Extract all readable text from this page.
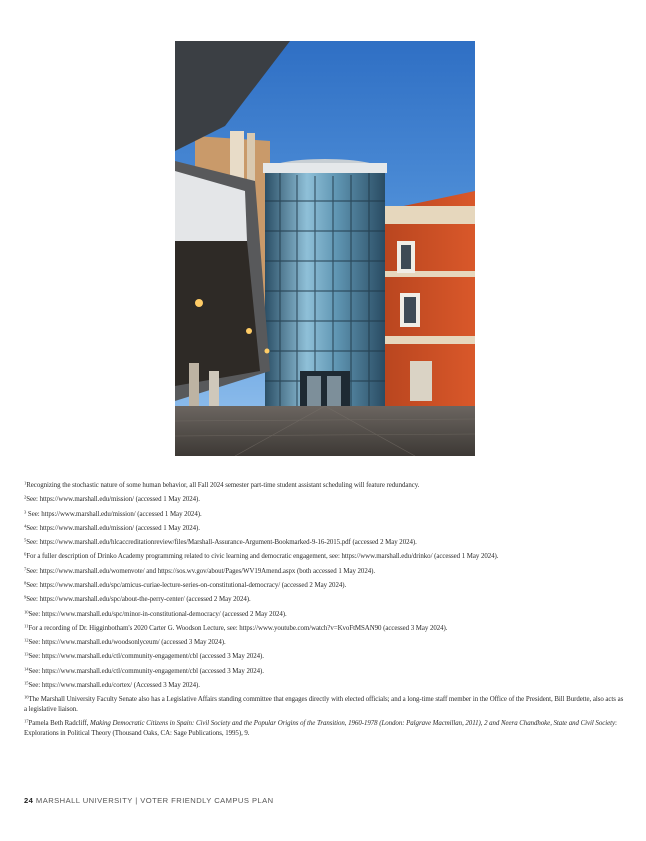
$^1$Recognizing the stochastic nature of some human behavior, all Fall 2024 semester part-time student assistant scheduling will feature redundancy.

$^2$See: https://www.marshall.edu/mission/ (accessed 1 May 2024).

$^3$ See: https://www.marshall.edu/mission/ (accessed 1 May 2024).

$^4$See: https://www.marshall.edu/mission/ (accessed 1 May 2024).

$^5$See: https://www.marshall.edu/hlcaccreditationreview/files/Marshall-Assurance-Argument-Bookmarked-9-16-2015.pdf (accessed 2 May 2024).

$^6$For a fuller description of Drinko Academy programming related to civic learning and democratic engagement, see: https://www.marshall.edu/drinko/ (accessed 1 May 2024).

$^7$See: https://www.marshall.edu/womenvote/ and https://sos.wv.gov/about/Pages/WV19Amend.aspx (both accessed 1 May 2024).

$^8$See: https://www.marshall.edu/spc/amicus-curiae-lecture-series-on-constitutional-democracy/ (accessed 2 May 2024).

$^9$See: https://www.marshall.edu/spc/about-the-perry-center/ (accessed 2 May 2024).

$^{10}$See: https://www.marshall.edu/spc/minor-in-constitutional-democracy/ (accessed 2 May 2024).

$^{11}$For a recording of Dr. Higginbotham's 2020 Carter G. Woodson Lecture, see: https://www.youtube.com/watch?v=KvoFtMSAN90 (accessed 3 May 2024).

$^{12}$See: https://www.marshall.edu/woodsonlyceum/ (accessed 3 May 2024).

$^{13}$See: https://www.marshall.edu/ctl/community-engagement/cbl (accessed 3 May 2024).

$^{14}$See: https://www.marshall.edu/ctl/community-engagement/cbl (accessed 3 May 2024).

$^{15}$See: https://www.marshall.edu/cortex/ (Accessed 3 May 2024).

$^{16}$The Marshall University Faculty Senate also has a Legislative Affairs standing committee that engages directly with elected officials; and a long-time staff member in the Office of the President, Bill Burdette, also acts as a legislative liaison.

$^{17}$Pamela Beth Radcliff, Making Democratic Citizens in Spain: Civil Society and the Popular Origins of the Transition, 1960-1978 (London: Palgrave Macmillan, 2011), 2 and Neera Chandhoke, State and Civil Society: Explorations in Political Theory (Thousand Oaks, CA: Sage Publications, 1995), 9.

24 MARSHALL UNIVERSITY | VOTER FRIENDLY CAMPUS PLAN
